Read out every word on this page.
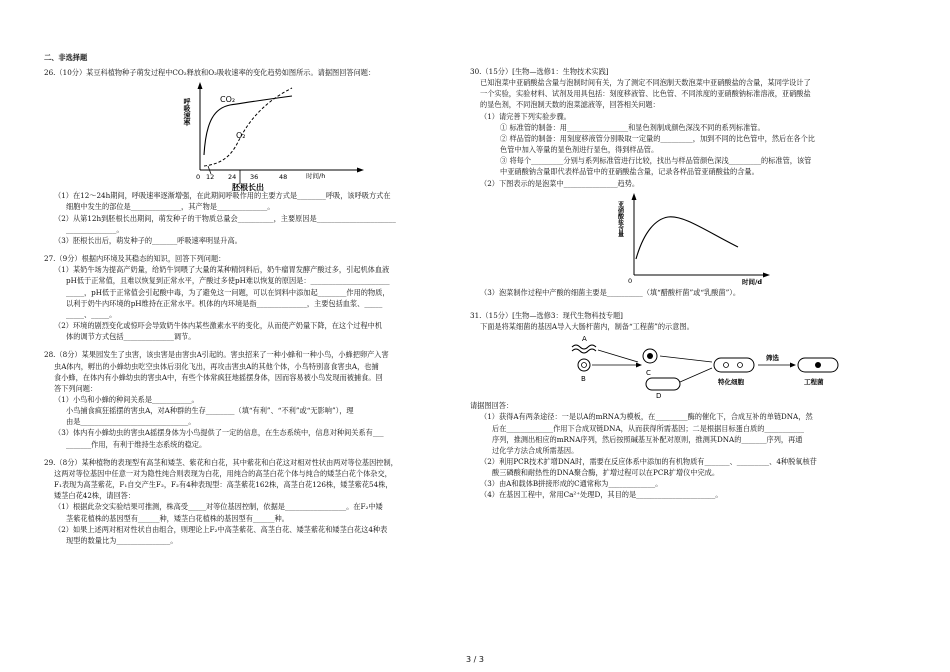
二、非选择题

26.（10分）某豆科植物种子萌发过程中CO₂释放和O₂吸收速率的变化趋势如图所示。请据图回答问题：

呼吸速率
0 12 24 36	48	时间/h
CO₂
O₂
胚根长出

（1）在12～24h期间，呼吸速率逐渐增强，在此期间呼吸作用的主要方式是________呼吸，该呼吸方式在

细胞中发生的部位是______________，其产物是______________。

（2）从第12h到胚根长出期间，萌发种子的干物质总量会__________，主要原因是______________________

______________。

（3）胚根长出后，萌发种子的_______呼吸速率明显升高。

27.（9分）根据内环境及其稳态的知识，回答下列问题：

（1）某奶牛场为提高产奶量，给奶牛饲喂了大量的某种精饲料后，奶牛瘤胃发酵产酸过多，引起机体血液

pH低于正常值，且难以恢复到正常水平，产酸过多使pH难以恢复的原因是：______________________

_____，pH低于正常值会引起酸中毒，为了避免这一问题，可以在饲料中添加起________作用的物质，

以利于奶牛内环境的pH维持在正常水平。机体的内环境是指______________，主要包括血浆、_____

_____、_____。

（2）环境的剧烈变化或惊吓会导致奶牛体内某些激素水平的变化，从而使产奶量下降，在这个过程中机

体的调节方式包括______________调节。

28.（8分）某果园发生了虫害，该虫害是由害虫A引起的。害虫招来了一种小蜂和一种小鸟，小蜂把卵产入害

虫A体内，孵出的小蜂幼虫吃空虫体后羽化飞出，再攻击害虫A的其他个体，小鸟特别喜食害虫A，也捕

食小蜂，在体内有小蜂幼虫的害虫A中，有些个体常疯狂地摇摆身体，因而容易被小鸟发现而被捕食。回

答下列问题：

（1）小鸟和小蜂的种间关系是___________。

小鸟捕食疯狂摇摆的害虫A，对A种群的生存________（填“有利”、“不利”或“无影响”），理

由是______________________________。

（3）体内有小蜂幼虫的害虫A摇摆身体为小鸟提供了一定的信息，在生态系统中，信息对种间关系有___

_______作用，有利于维持生态系统的稳定。

29.（8分）某种植物的表现型有高茎和矮茎、紫花和白花，其中紫花和白花这对相对性状由两对等位基因控制，

这两对等位基因中任意一对为隐性纯合则表现为白花，用纯合的高茎白花个体与纯合的矮茎白花个体杂交，

F₁表现为高茎紫花，F₁自交产生F₂，F₂有4种表现型：高茎紫花162株，高茎白花126株，矮茎紫花54株，

矮茎白花42株，请回答：

（1）根据此杂交实验结果可推测，株高受_____对等位基因控制，依据是_________________。在F₂中矮

茎紫花植株的基因型有______种，矮茎白花植株的基因型有______种。

（2）如果上述两对相对性状自由组合，则理论上F₂中高茎紫花、高茎白花、矮茎紫花和矮茎白花这4种表

现型的数量比为_______________。

30.（15分）[生物—选修1：生物技术实践]

已知泡菜中亚硝酸盐含量与泡制时间有关，为了测定不同泡制天数泡菜中亚硝酸盐的含量，某同学设计了

一个实验，实验材料、试剂及用具包括：刻度移液管、比色管、不同浓度的亚硝酸钠标准溶液，亚硝酸盐

的显色剂，不同泡制天数的泡菜滤液等，回答相关问题：

（1）请完善下列实验步骤。

① 标准管的制备：用_________________和显色剂制成颜色深浅不同的系列标准管。

② 样品管的制备：用刻度移液管分别吸取一定量的_________，加到不同的比色管中，然后在各个比

色管中加入等量的显色剂进行显色，得到样品管。

③ 将每个_________分别与系列标准管进行比较，找出与样品管颜色深浅_________的标准管，该管

中亚硝酸钠含量即代表样品管中的亚硝酸盐含量，记录各样品管亚硝酸盐的含量。

（2）下图表示的是泡菜中_______________趋势。

亚硝酸盐含量
0	时间/d

（3）泡菜制作过程中产酸的细菌主要是__________（填“醋酸杆菌”或“乳酸菌”）。

31.（15分）[生物—选修3：现代生物科技专题]

下面是将某细菌的基因A导入大肠杆菌内，制备“工程菌”的示意图。

A
B
C
D
特化细胞
筛选
工程菌

请据图回答：

（1）获得A有两条途径：一是以A的mRNA为模板，在_________酶的催化下，合成互补的单链DNA，然

后在_____________作用下合成双链DNA，从而获得所需基因；二是根据目标蛋白质的___________

序列，推测出相应的mRNA序列，然后按照碱基互补配对原则，推测其DNA的_______序列，再通

过化学方法合成所需基因。

（2）利用PCR技术扩增DNA时，需要在反应体系中添加的有机物质有_______、_________、4种脱氧核苷

酸三磷酸和耐热性的DNA聚合酶，扩增过程可以在PCR扩增仪中完成。

（3）由A和载体B拼接形成的C通常称为_____________。

（4）在基因工程中，常用Ca²⁺处理D，其目的是______________________。

3 / 3
